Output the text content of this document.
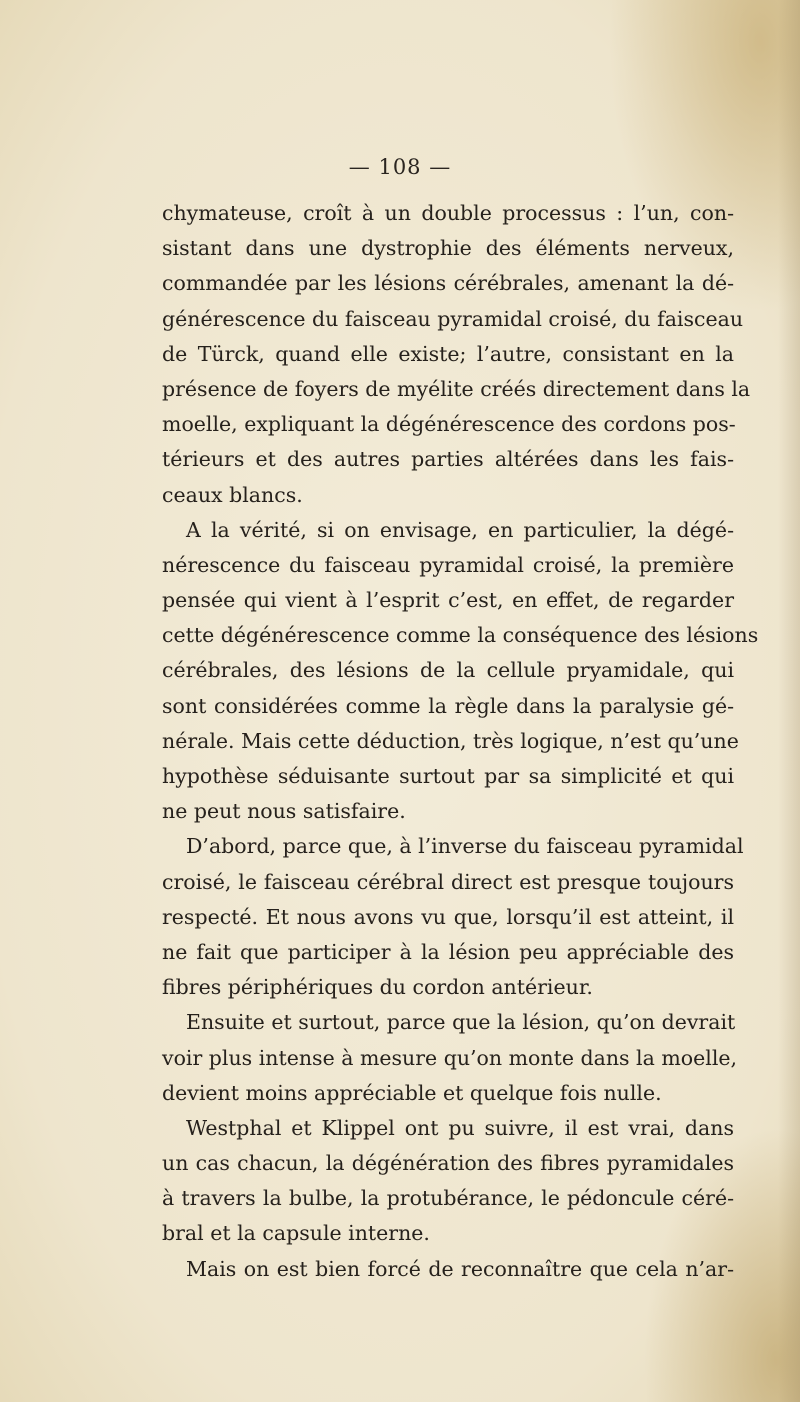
— 108 —
chymateuse, croît à un double processus : l’un, con-
sistant dans une dystrophie des éléments nerveux,
commandée par les lésions cérébrales, amenant la dé-
générescence du faisceau pyramidal croisé, du faisceau
de Türck, quand elle existe; l’autre, consistant en la
présence de foyers de myélite créés directement dans la
moelle, expliquant la dégénérescence des cordons pos-
térieurs et des autres parties altérées dans les fais-
ceaux blancs.
A la vérité, si on envisage, en particulier, la dégé-
nérescence du faisceau pyramidal croisé, la première
pensée qui vient à l’esprit c’est, en effet, de regarder
cette dégénérescence comme la conséquence des lésions
cérébrales, des lésions de la cellule pryamidale, qui
sont considérées comme la règle dans la paralysie gé-
nérale. Mais cette déduction, très logique, n’est qu’une
hypothèse séduisante surtout par sa simplicité et qui
ne peut nous satisfaire.
D’abord, parce que, à l’inverse du faisceau pyramidal
croisé, le faisceau cérébral direct est presque toujours
respecté. Et nous avons vu que, lorsqu’il est atteint, il
ne fait que participer à la lésion peu appréciable des
fibres périphériques du cordon antérieur.
Ensuite et surtout, parce que la lésion, qu’on devrait
voir plus intense à mesure qu’on monte dans la moelle,
devient moins appréciable et quelque fois nulle.
Westphal et Klippel ont pu suivre, il est vrai, dans
un cas chacun, la dégénération des fibres pyramidales
à travers la bulbe, la protubérance, le pédoncule céré-
bral et la capsule interne.
Mais on est bien forcé de reconnaître que cela n’ar-
